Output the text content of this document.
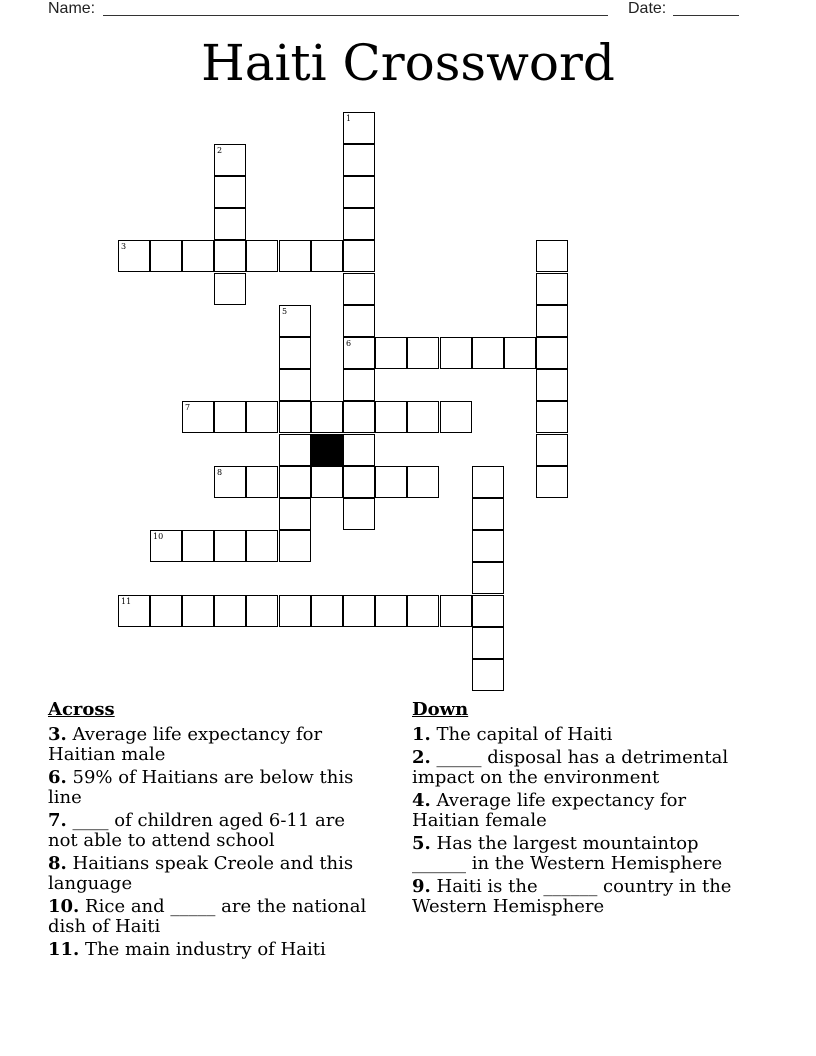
Name:	Date:
Haiti Crossword
1
2
3
5
6
7
8
10
11
Across
3. Average life expectancy for Haitian male
6. 59% of Haitians are below this line
7. ____ of children aged 6-11 are not able to attend school
8. Haitians speak Creole and this language
10. Rice and _____ are the national dish of Haiti
11. The main industry of Haiti
Down
1. The capital of Haiti
2. _____ disposal has a detrimental impact on the environment
4. Average life expectancy for Haitian female
5. Has the largest mountaintop ______ in the Western Hemisphere
9. Haiti is the ______ country in the Western Hemisphere
